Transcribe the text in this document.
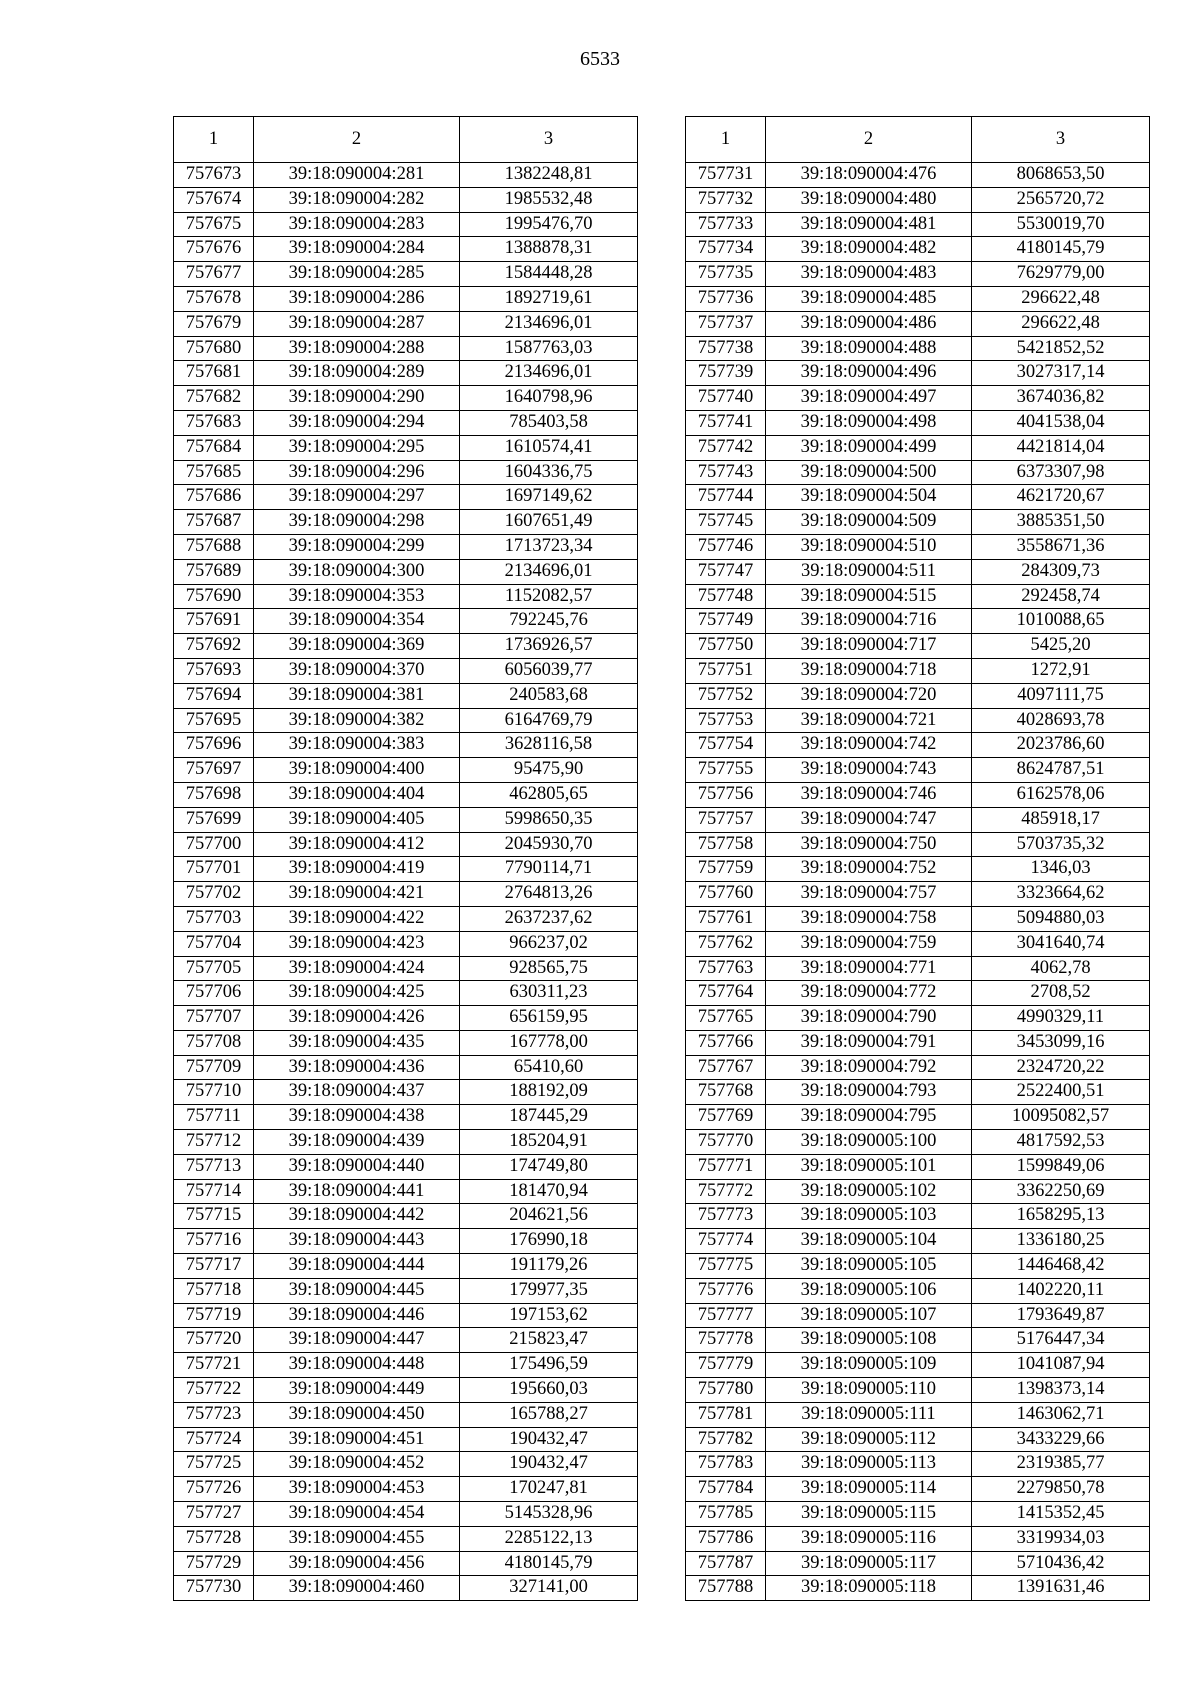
6533
1	2	3
757673	39:18:090004:281	1382248,81
757674	39:18:090004:282	1985532,48
757675	39:18:090004:283	1995476,70
757676	39:18:090004:284	1388878,31
757677	39:18:090004:285	1584448,28
757678	39:18:090004:286	1892719,61
757679	39:18:090004:287	2134696,01
757680	39:18:090004:288	1587763,03
757681	39:18:090004:289	2134696,01
757682	39:18:090004:290	1640798,96
757683	39:18:090004:294	785403,58
757684	39:18:090004:295	1610574,41
757685	39:18:090004:296	1604336,75
757686	39:18:090004:297	1697149,62
757687	39:18:090004:298	1607651,49
757688	39:18:090004:299	1713723,34
757689	39:18:090004:300	2134696,01
757690	39:18:090004:353	1152082,57
757691	39:18:090004:354	792245,76
757692	39:18:090004:369	1736926,57
757693	39:18:090004:370	6056039,77
757694	39:18:090004:381	240583,68
757695	39:18:090004:382	6164769,79
757696	39:18:090004:383	3628116,58
757697	39:18:090004:400	95475,90
757698	39:18:090004:404	462805,65
757699	39:18:090004:405	5998650,35
757700	39:18:090004:412	2045930,70
757701	39:18:090004:419	7790114,71
757702	39:18:090004:421	2764813,26
757703	39:18:090004:422	2637237,62
757704	39:18:090004:423	966237,02
757705	39:18:090004:424	928565,75
757706	39:18:090004:425	630311,23
757707	39:18:090004:426	656159,95
757708	39:18:090004:435	167778,00
757709	39:18:090004:436	65410,60
757710	39:18:090004:437	188192,09
757711	39:18:090004:438	187445,29
757712	39:18:090004:439	185204,91
757713	39:18:090004:440	174749,80
757714	39:18:090004:441	181470,94
757715	39:18:090004:442	204621,56
757716	39:18:090004:443	176990,18
757717	39:18:090004:444	191179,26
757718	39:18:090004:445	179977,35
757719	39:18:090004:446	197153,62
757720	39:18:090004:447	215823,47
757721	39:18:090004:448	175496,59
757722	39:18:090004:449	195660,03
757723	39:18:090004:450	165788,27
757724	39:18:090004:451	190432,47
757725	39:18:090004:452	190432,47
757726	39:18:090004:453	170247,81
757727	39:18:090004:454	5145328,96
757728	39:18:090004:455	2285122,13
757729	39:18:090004:456	4180145,79
757730	39:18:090004:460	327141,00
1	2	3
757731	39:18:090004:476	8068653,50
757732	39:18:090004:480	2565720,72
757733	39:18:090004:481	5530019,70
757734	39:18:090004:482	4180145,79
757735	39:18:090004:483	7629779,00
757736	39:18:090004:485	296622,48
757737	39:18:090004:486	296622,48
757738	39:18:090004:488	5421852,52
757739	39:18:090004:496	3027317,14
757740	39:18:090004:497	3674036,82
757741	39:18:090004:498	4041538,04
757742	39:18:090004:499	4421814,04
757743	39:18:090004:500	6373307,98
757744	39:18:090004:504	4621720,67
757745	39:18:090004:509	3885351,50
757746	39:18:090004:510	3558671,36
757747	39:18:090004:511	284309,73
757748	39:18:090004:515	292458,74
757749	39:18:090004:716	1010088,65
757750	39:18:090004:717	5425,20
757751	39:18:090004:718	1272,91
757752	39:18:090004:720	4097111,75
757753	39:18:090004:721	4028693,78
757754	39:18:090004:742	2023786,60
757755	39:18:090004:743	8624787,51
757756	39:18:090004:746	6162578,06
757757	39:18:090004:747	485918,17
757758	39:18:090004:750	5703735,32
757759	39:18:090004:752	1346,03
757760	39:18:090004:757	3323664,62
757761	39:18:090004:758	5094880,03
757762	39:18:090004:759	3041640,74
757763	39:18:090004:771	4062,78
757764	39:18:090004:772	2708,52
757765	39:18:090004:790	4990329,11
757766	39:18:090004:791	3453099,16
757767	39:18:090004:792	2324720,22
757768	39:18:090004:793	2522400,51
757769	39:18:090004:795	10095082,57
757770	39:18:090005:100	4817592,53
757771	39:18:090005:101	1599849,06
757772	39:18:090005:102	3362250,69
757773	39:18:090005:103	1658295,13
757774	39:18:090005:104	1336180,25
757775	39:18:090005:105	1446468,42
757776	39:18:090005:106	1402220,11
757777	39:18:090005:107	1793649,87
757778	39:18:090005:108	5176447,34
757779	39:18:090005:109	1041087,94
757780	39:18:090005:110	1398373,14
757781	39:18:090005:111	1463062,71
757782	39:18:090005:112	3433229,66
757783	39:18:090005:113	2319385,77
757784	39:18:090005:114	2279850,78
757785	39:18:090005:115	1415352,45
757786	39:18:090005:116	3319934,03
757787	39:18:090005:117	5710436,42
757788	39:18:090005:118	1391631,46
